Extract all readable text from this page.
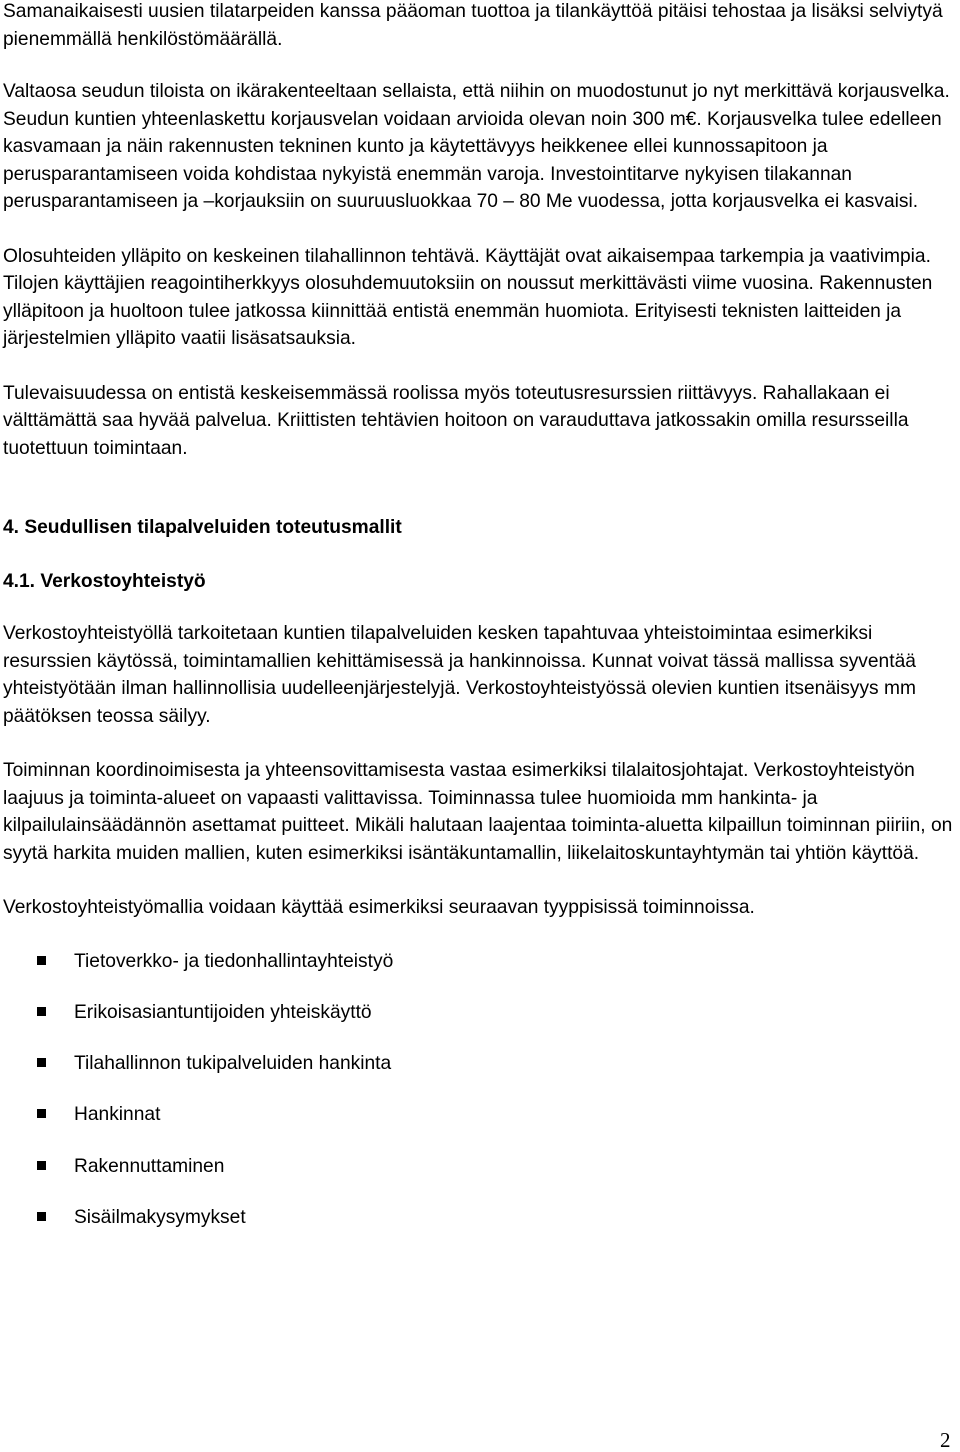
Samanaikaisesti uusien tilatarpeiden kanssa pääoman tuottoa ja tilankäyttöä pitäisi tehostaa ja lisäksi selviytyä pienemmällä henkilöstömäärällä.

Valtaosa seudun tiloista on ikärakenteeltaan sellaista, että niihin on muodostunut jo nyt merkittävä korjausvelka. Seudun kuntien yhteenlaskettu korjausvelan voidaan arvioida olevan noin 300 m€. Korjausvelka tulee edelleen kasvamaan ja näin rakennusten tekninen kunto ja käytettävyys heikkenee ellei kunnossapitoon ja perusparantamiseen voida kohdistaa nykyistä enemmän varoja. Investointitarve nykyisen tilakannan perusparantamiseen ja –korjauksiin on suuruusluokkaa 70 – 80 Me vuodessa, jotta korjausvelka ei kasvaisi.

Olosuhteiden ylläpito on keskeinen tilahallinnon tehtävä. Käyttäjät ovat aikaisempaa tarkempia ja vaativimpia. Tilojen käyttäjien reagointiherkkyys olosuhdemuutoksiin on noussut merkittävästi viime vuosina. Rakennusten ylläpitoon ja huoltoon tulee jatkossa kiinnittää entistä enemmän huomiota. Erityisesti teknisten laitteiden ja järjestelmien ylläpito vaatii lisäsatsauksia.

Tulevaisuudessa on entistä keskeisemmässä roolissa myös toteutusresurssien riittävyys. Rahallakaan ei välttämättä saa hyvää palvelua. Kriittisten tehtävien hoitoon on varauduttava jatkossakin omilla resursseilla tuotettuun toimintaan.

4. Seudullisen tilapalveluiden toteutusmallit
4.1. Verkostoyhteistyö

Verkostoyhteistyöllä tarkoitetaan kuntien tilapalveluiden kesken tapahtuvaa yhteistoimintaa esimerkiksi resurssien käytössä, toimintamallien kehittämisessä ja hankinnoissa. Kunnat voivat tässä mallissa syventää yhteistyötään ilman hallinnollisia uudelleenjärjestelyjä. Verkostoyhteistyössä olevien kuntien itsenäisyys mm päätöksen teossa säilyy.

Toiminnan koordinoimisesta ja yhteensovittamisesta vastaa esimerkiksi tilalaitosjohtajat. Verkostoyhteistyön laajuus ja toiminta-alueet on vapaasti valittavissa. Toiminnassa tulee huomioida mm hankinta- ja kilpailulainsäädännön asettamat puitteet. Mikäli halutaan laajentaa toiminta-aluetta kilpaillun toiminnan piiriin, on syytä harkita muiden mallien, kuten esimerkiksi isäntäkuntamallin, liikelaitoskuntayhtymän tai yhtiön käyttöä.

Verkostoyhteistyömallia voidaan käyttää esimerkiksi seuraavan tyyppisissä toiminnoissa.

Tietoverkko- ja tiedonhallintayhteistyö
Erikoisasiantuntijoiden yhteiskäyttö
Tilahallinnon tukipalveluiden hankinta
Hankinnat
Rakennuttaminen
Sisäilmakysymykset
2
